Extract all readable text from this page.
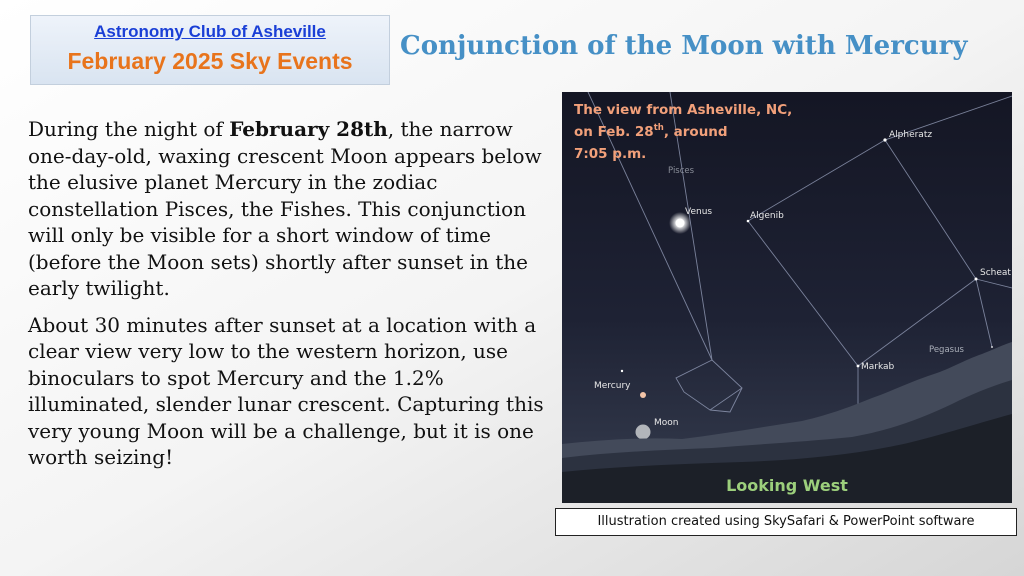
Astronomy Club of Asheville
February 2025 Sky Events	Conjunction of the Moon with Mercury

During the night of February 28th, the narrow one-day-old, waxing crescent Moon appears below the elusive planet Mercury in the zodiac constellation Pisces, the Fishes. This conjunction will only be visible for a short window of time (before the Moon sets) shortly after sunset in the early twilight.

About 30 minutes after sunset at a location with a clear view very low to the western horizon, use binoculars to spot Mercury and the 1.2% illuminated, slender lunar crescent. Capturing this very young Moon will be a challenge, but it is one worth seizing!

The view from Asheville, NC,
on Feb. 28th, around
7:05 p.m.
Pisces
Venus	Algenib
Alpheratz
Scheat
Pegasus
Markab
Mercury
Moon
Looking West
Illustration created using SkySafari & PowerPoint software
